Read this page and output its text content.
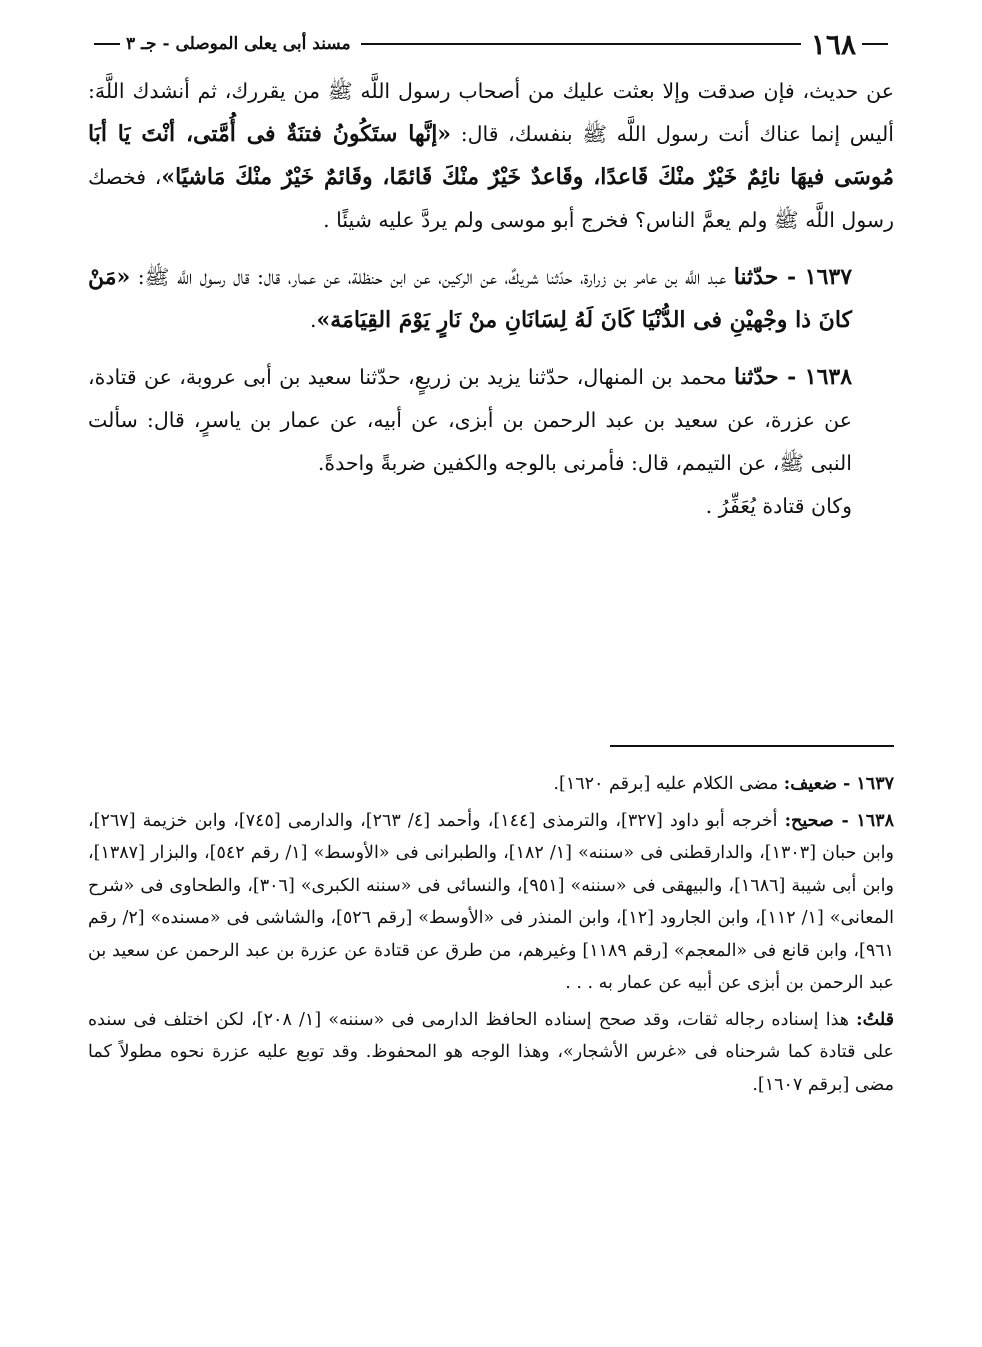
١٦٨
مسند أبى يعلى الموصلى - جـ ٣

عن حديث، فإن صدقت وإلا بعثت عليك من أصحاب رسول اللَّه ﷺ من يقررك، ثم أنشدك اللَّهَ: أليس إنما عناك أنت رسول اللَّه ﷺ بنفسك، قال: «إنَّها ستَكُونُ فتنَةٌ فى أُمَّتى، أنْتَ يَا أبَا مُوسَى فيهَا نائِمٌ خَيْرٌ منْكَ قَاعدًا، وقَاعدٌ خَيْرٌ منْكَ قَائمًا، وقَائمٌ خَيْرٌ منْكَ مَاشيًا»، فخصك رسول اللَّه ﷺ ولم يعمَّ الناس؟ فخرج أبو موسى ولم يردَّ عليه شيئًا .

١٦٣٧ - حدّثنا عبد اللَّه بن عامر بن زرارة، حدّثنا شريكٌ، عن الركين، عن ابن حنظلة، عن عمار، قال: قال رسول اللَّه ﷺ: «مَنْ كانَ ذا وجْهيْنِ فى الدُّنْيَا كَانَ لَهُ لِسَانَانِ منْ نَارٍ يَوْمَ القِيَامَة».

١٦٣٨ - حدّثنا محمد بن المنهال، حدّثنا يزيد بن زريعٍ، حدّثنا سعيد بن أبى عروبة، عن قتادة، عن عزرة، عن سعيد بن عبد الرحمن بن أبزى، عن أبيه، عن عمار بن ياسرٍ، قال: سألت النبى ﷺ، عن التيمم، قال: فأمرنى بالوجه والكفين ضربةً واحدةً.

وكان قتادة يُعَفِّرُ .

١٦٣٧ - ضعيف: مضى الكلام عليه [برقم ١٦٢٠].

١٦٣٨ - صحيح: أخرجه أبو داود [٣٢٧]، والترمذى [١٤٤]، وأحمد [٤/ ٢٦٣]، والدارمى [٧٤٥]، وابن خزيمة [٢٦٧]، وابن حبان [١٣٠٣]، والدارقطنى فى «سننه» [١/ ١٨٢]، والطبرانى فى «الأوسط» [١/ رقم ٥٤٢]، والبزار [١٣٨٧]، وابن أبى شيبة [١٦٨٦]، والبيهقى فى «سننه» [٩٥١]، والنسائى فى «سننه الكبرى» [٣٠٦]، والطحاوى فى «شرح المعانى» [١/ ١١٢]، وابن الجارود [١٢]، وابن المنذر فى «الأوسط» [رقم ٥٢٦]، والشاشى فى «مسنده» [٢/ رقم ٩٦١]، وابن قانع فى «المعجم» [رقم ١١٨٩] وغيرهم، من طرق عن قتادة عن عزرة بن عبد الرحمن عن سعيد بن عبد الرحمن بن أبزى عن أبيه عن عمار به . . .

قلتُ: هذا إسناده رجاله ثقات، وقد صحح إسناده الحافظ الدارمى فى «سننه» [١/ ٢٠٨]، لكن اختلف فى سنده على قتادة كما شرحناه فى «غرس الأشجار»، وهذا الوجه هو المحفوظ. وقد توبع عليه عزرة نحوه مطولاً كما مضى [برقم ١٦٠٧].
